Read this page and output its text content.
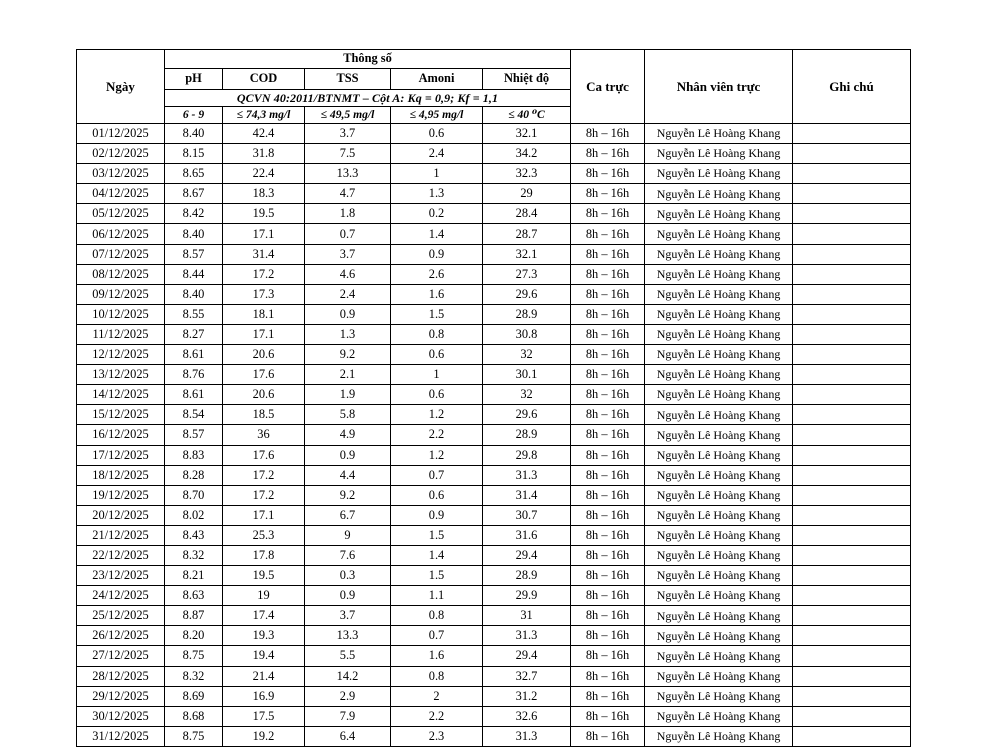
Ngày	Thông số					Ca trực	Nhân viên trực	Ghi chú
	pH	COD	TSS	Amoni	Nhiệt độ			
	QCVN 40:2011/BTNMT – Cột A: Kq = 0,9; Kf = 1,1							
	6 - 9	≤ 74,3 mg/l	≤ 49,5 mg/l	≤ 4,95 mg/l	≤ 40 ⁰C			
01/12/2025	8.40	42.4	3.7	0.6	32.1	8h – 16h	Nguyễn Lê Hoàng Khang	
02/12/2025	8.15	31.8	7.5	2.4	34.2	8h – 16h	Nguyễn Lê Hoàng Khang	
03/12/2025	8.65	22.4	13.3	1	32.3	8h – 16h	Nguyễn Lê Hoàng Khang	
04/12/2025	8.67	18.3	4.7	1.3	29	8h – 16h	Nguyễn Lê Hoàng Khang	
05/12/2025	8.42	19.5	1.8	0.2	28.4	8h – 16h	Nguyễn Lê Hoàng Khang	
06/12/2025	8.40	17.1	0.7	1.4	28.7	8h – 16h	Nguyễn Lê Hoàng Khang	
07/12/2025	8.57	31.4	3.7	0.9	32.1	8h – 16h	Nguyễn Lê Hoàng Khang	
08/12/2025	8.44	17.2	4.6	2.6	27.3	8h – 16h	Nguyễn Lê Hoàng Khang	
09/12/2025	8.40	17.3	2.4	1.6	29.6	8h – 16h	Nguyễn Lê Hoàng Khang	
10/12/2025	8.55	18.1	0.9	1.5	28.9	8h – 16h	Nguyễn Lê Hoàng Khang	
11/12/2025	8.27	17.1	1.3	0.8	30.8	8h – 16h	Nguyễn Lê Hoàng Khang	
12/12/2025	8.61	20.6	9.2	0.6	32	8h – 16h	Nguyễn Lê Hoàng Khang	
13/12/2025	8.76	17.6	2.1	1	30.1	8h – 16h	Nguyễn Lê Hoàng Khang	
14/12/2025	8.61	20.6	1.9	0.6	32	8h – 16h	Nguyễn Lê Hoàng Khang	
15/12/2025	8.54	18.5	5.8	1.2	29.6	8h – 16h	Nguyễn Lê Hoàng Khang	
16/12/2025	8.57	36	4.9	2.2	28.9	8h – 16h	Nguyễn Lê Hoàng Khang	
17/12/2025	8.83	17.6	0.9	1.2	29.8	8h – 16h	Nguyễn Lê Hoàng Khang	
18/12/2025	8.28	17.2	4.4	0.7	31.3	8h – 16h	Nguyễn Lê Hoàng Khang	
19/12/2025	8.70	17.2	9.2	0.6	31.4	8h – 16h	Nguyễn Lê Hoàng Khang	
20/12/2025	8.02	17.1	6.7	0.9	30.7	8h – 16h	Nguyễn Lê Hoàng Khang	
21/12/2025	8.43	25.3	9	1.5	31.6	8h – 16h	Nguyễn Lê Hoàng Khang	
22/12/2025	8.32	17.8	7.6	1.4	29.4	8h – 16h	Nguyễn Lê Hoàng Khang	
23/12/2025	8.21	19.5	0.3	1.5	28.9	8h – 16h	Nguyễn Lê Hoàng Khang	
24/12/2025	8.63	19	0.9	1.1	29.9	8h – 16h	Nguyễn Lê Hoàng Khang	
25/12/2025	8.87	17.4	3.7	0.8	31	8h – 16h	Nguyễn Lê Hoàng Khang	
26/12/2025	8.20	19.3	13.3	0.7	31.3	8h – 16h	Nguyễn Lê Hoàng Khang	
27/12/2025	8.75	19.4	5.5	1.6	29.4	8h – 16h	Nguyễn Lê Hoàng Khang	
28/12/2025	8.32	21.4	14.2	0.8	32.7	8h – 16h	Nguyễn Lê Hoàng Khang	
29/12/2025	8.69	16.9	2.9	2	31.2	8h – 16h	Nguyễn Lê Hoàng Khang	
30/12/2025	8.68	17.5	7.9	2.2	32.6	8h – 16h	Nguyễn Lê Hoàng Khang	
31/12/2025	8.75	19.2	6.4	2.3	31.3	8h – 16h	Nguyễn Lê Hoàng Khang	
